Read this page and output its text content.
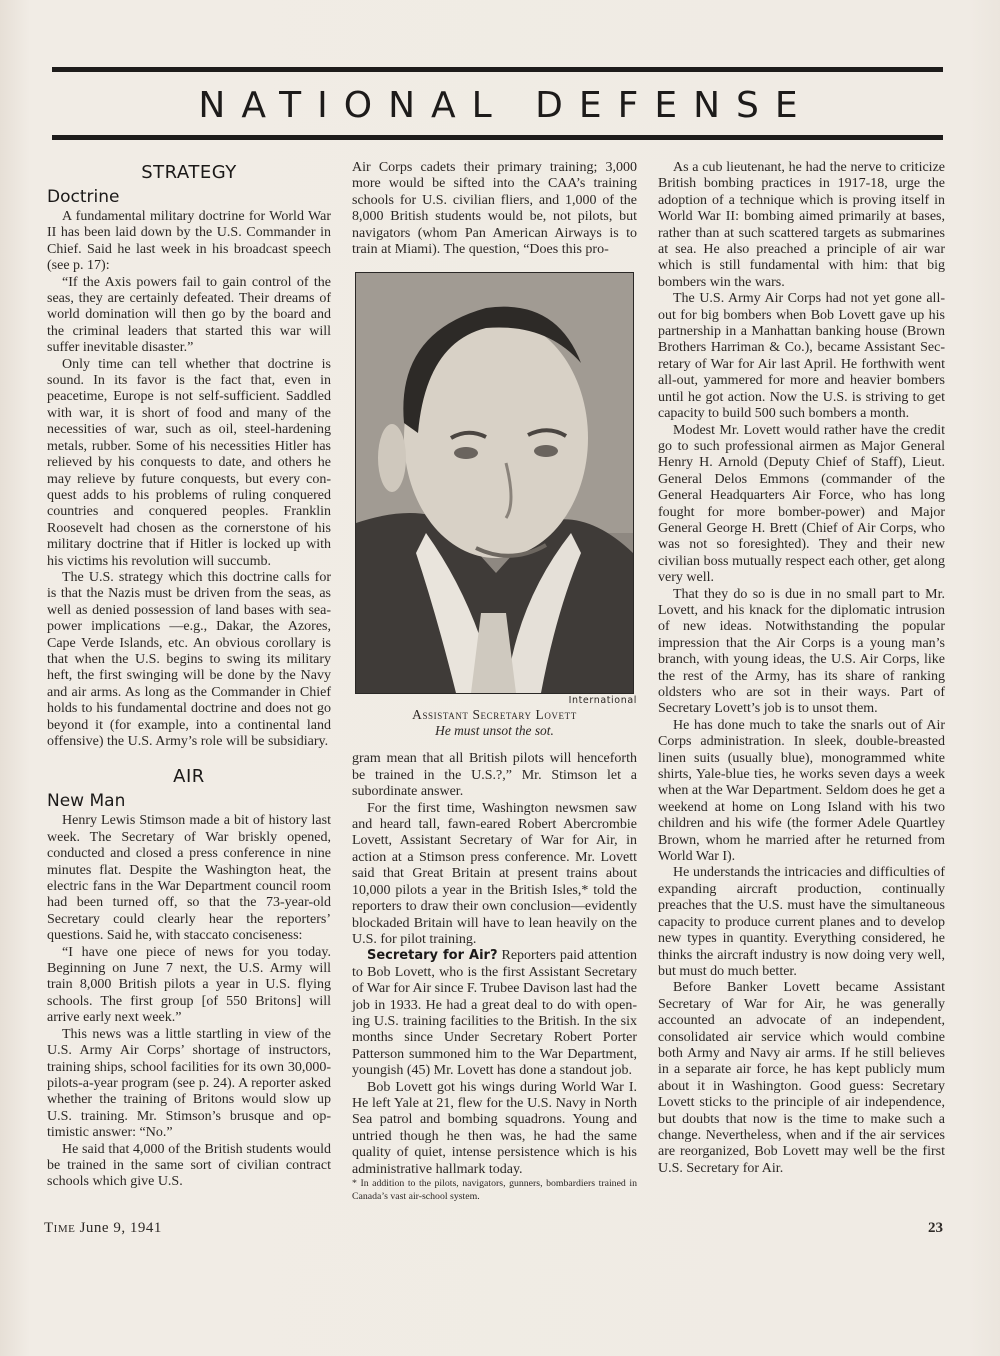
NATIONAL DEFENSE
STRATEGY
Doctrine

A fundamental military doctrine for World War II has been laid down by the U.S. Commander in Chief. Said he last week in his broadcast speech (see p. 17):

“If the Axis powers fail to gain control of the seas, they are certainly defeated. Their dreams of world domination will then go by the board and the criminal leaders that started this war will suffer inevitable disaster.”

Only time can tell whether that doctrine is sound. In its favor is the fact that, even in peacetime, Europe is not self-sufficient. Saddled with war, it is short of food and many of the necessities of war, such as oil, steel-hardening metals, rubber. Some of his necessities Hitler has relieved by his conquests to date, and others he may relieve by future conquests, but every conquest adds to his problems of ruling conquered countries and conquered peoples. Franklin Roosevelt had chosen as the cornerstone of his military doctrine that if Hitler is locked up with his victims his revolution will succumb.

The U.S. strategy which this doctrine calls for is that the Nazis must be driven from the seas, as well as denied possession of land bases with sea-power implications —e.g., Dakar, the Azores, Cape Verde Islands, etc. An obvious corollary is that when the U.S. begins to swing its military heft, the first swinging will be done by the Navy and air arms. As long as the Commander in Chief holds to his fundamental doctrine and does not go beyond it (for example, into a continental land offensive) the U.S. Army’s role will be subsidiary.

AIR
New Man

Henry Lewis Stimson made a bit of history last week. The Secretary of War briskly opened, conducted and closed a press conference in nine minutes flat. Despite the Washington heat, the electric fans in the War Department council room had been turned off, so that the 73-year-old Secretary could clearly hear the reporters’ questions. Said he, with staccato conciseness:

“I have one piece of news for you today. Beginning on June 7 next, the U.S. Army will train 8,000 British pilots a year in U.S. flying schools. The first group [of 550 Britons] will arrive early next week.”

This news was a little startling in view of the U.S. Army Air Corps’ shortage of instructors, training ships, school facilities for its own 30,000-pilots-a-year program (see p. 24). A reporter asked whether the training of Britons would slow up U.S. training. Mr. Stimson’s brusque and optimistic answer: “No.”

He said that 4,000 of the British students would be trained in the same sort of civilian contract schools which give U.S.

Air Corps cadets their primary training; 3,000 more would be sifted into the CAA’s training schools for U.S. civilian fliers, and 1,000 of the 8,000 British students would be, not pilots, but navigators (whom Pan American Airways is to train at Miami). The question, “Does this pro-

International
Assistant Secretary Lovett
He must unsot the sot.

gram mean that all British pilots will henceforth be trained in the U.S.?,” Mr. Stimson let a subordinate answer.

For the first time, Washington newsmen saw and heard tall, fawn-eared Robert Abercrombie Lovett, Assistant Secretary of War for Air, in action at a Stimson press conference. Mr. Lovett said that Great Britain at present trains about 10,000 pilots a year in the British Isles,* told the reporters to draw their own conclusion—evidently blockaded Britain will have to lean heavily on the U.S. for pilot training.

Secretary for Air? Reporters paid attention to Bob Lovett, who is the first Assistant Secretary of War for Air since F. Trubee Davison last had the job in 1933. He had a great deal to do with opening U.S. training facilities to the British. In the six months since Under Secretary Robert Porter Patterson summoned him to the War Department, youngish (45) Mr. Lovett has done a standout job.

Bob Lovett got his wings during World War I. He left Yale at 21, flew for the U.S. Navy in North Sea patrol and bombing squadrons. Young and untried though he then was, he had the same quality of quiet, intense persistence which is his administrative hallmark today.

* In addition to the pilots, navigators, gunners, bombardiers trained in Canada’s vast air-school system.

As a cub lieutenant, he had the nerve to criticize British bombing practices in 1917-18, urge the adoption of a technique which is proving itself in World War II: bombing aimed primarily at bases, rather than at such scattered targets as submarines at sea. He also preached a principle of air war which is still fundamental with him: that big bombers win the wars.

The U.S. Army Air Corps had not yet gone all-out for big bombers when Bob Lovett gave up his partnership in a Manhattan banking house (Brown Brothers Harriman & Co.), became Assistant Secretary of War for Air last April. He forthwith went all-out, yammered for more and heavier bombers until he got action. Now the U.S. is striving to get capacity to build 500 such bombers a month.

Modest Mr. Lovett would rather have the credit go to such professional airmen as Major General Henry H. Arnold (Deputy Chief of Staff), Lieut. General Delos Emmons (commander of the General Headquarters Air Force, who has long fought for more bomber-power) and Major General George H. Brett (Chief of Air Corps, who was not so foresighted). They and their new civilian boss mutually respect each other, get along very well.

That they do so is due in no small part to Mr. Lovett, and his knack for the diplomatic intrusion of new ideas. Notwithstanding the popular impression that the Air Corps is a young man’s branch, with young ideas, the U.S. Air Corps, like the rest of the Army, has its share of ranking oldsters who are sot in their ways. Part of Secretary Lovett’s job is to unsot them.

He has done much to take the snarls out of Air Corps administration. In sleek, double-breasted linen suits (usually blue), monogrammed white shirts, Yale-blue ties, he works seven days a week when at the War Department. Seldom does he get a weekend at home on Long Island with his two children and his wife (the former Adele Quartley Brown, whom he married after he returned from World War I).

He understands the intricacies and difficulties of expanding aircraft production, continually preaches that the U.S. must have the simultaneous capacity to produce current planes and to develop new types in quantity. Everything considered, he thinks the aircraft industry is now doing very well, but must do much better.

Before Banker Lovett became Assistant Secretary of War for Air, he was generally accounted an advocate of an independent, consolidated air service which would combine both Army and Navy air arms. If he still believes in a separate air force, he has kept publicly mum about it in Washington. Good guess: Secretary Lovett sticks to the principle of air independence, but doubts that now is the time to make such a change. Nevertheless, when and if the air services are reorganized, Bob Lovett may well be the first U.S. Secretary for Air.

Time June 9, 1941	23
